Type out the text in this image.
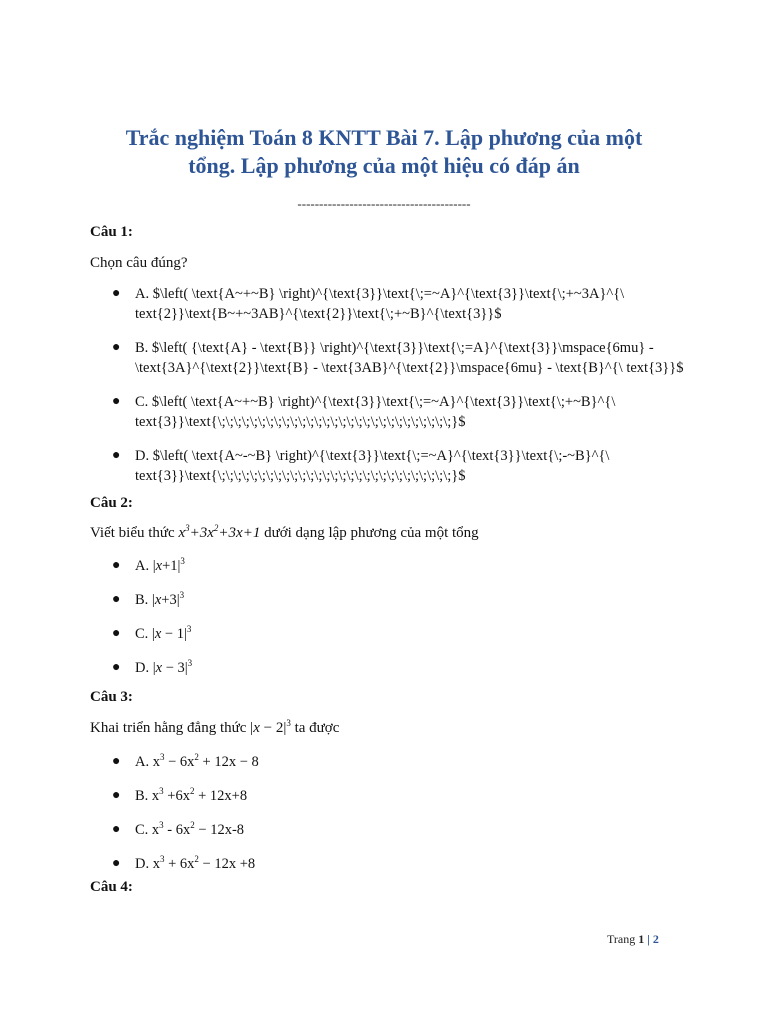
Trắc nghiệm Toán 8 KNTT Bài 7. Lập phương của một
tổng. Lập phương của một hiệu có đáp án
----------------------------------------
Câu 1:
Chọn câu đúng?
● A. $\left( \text{A~+~B} \right)^{\text{3}}\text{\;=~A}^{\text{3}}\text{\;+~3A}^{\ text{2}}\text{B~+~3AB}^{\text{2}}\text{\;+~B}^{\text{3}}$
● B. $\left( {\text{A} - \text{B}} \right)^{\text{3}}\text{\;=A}^{\text{3}}\mspace{6mu} - \text{3A}^{\text{2}}\text{B} - \text{3AB}^{\text{2}}\mspace{6mu} - \text{B}^{\ text{3}}$
● C. $\left( \text{A~+~B} \right)^{\text{3}}\text{\;=~A}^{\text{3}}\text{\;+~B}^{\ text{3}}\text{\;\;\;\;\;\;\;\;\;\;\;\;\;\;\;\;\;\;\;\;\;\;\;\;\;\;\;\;\;}$
● D. $\left( \text{A~-~B} \right)^{\text{3}}\text{\;=~A}^{\text{3}}\text{\;-~B}^{\ text{3}}\text{\;\;\;\;\;\;\;\;\;\;\;\;\;\;\;\;\;\;\;\;\;\;\;\;\;\;\;\;\;}$
Câu 2:
Viết biểu thức $x^3+3x^2+3x+1$ dưới dạng lập phương của một tổng
● A. $|x+1|^3$
● B. $|x+3|^3$
● C. $|x - 1|^3$
● D. $|x - 3|^3$
Câu 3:
Khai triển hằng đẳng thức $|x - 2|^3$ ta được
● A. $x^3 - 6x^2 + 12x - 8$
● B. $x^3 +6x^2 + 12x+8$
● C. $x^3 - 6x^2 - 12x-8$
● D. $x^3 + 6x^2 - 12x +8$
Câu 4:
Trang 1 | 2
